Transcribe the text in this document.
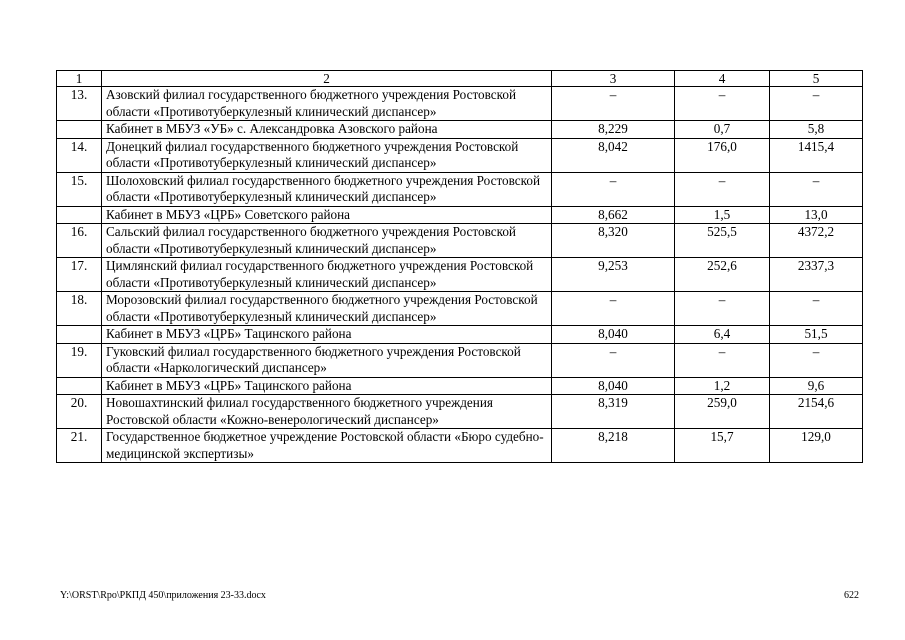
1	2	3	4	5
13.	Азовский филиал государственного бюджетного учреждения Ростовской области «Противотуберкулезный клинический диспансер»	–	–	–
	Кабинет в МБУЗ «УБ» с. Александровка Азовского района	8,229	0,7	5,8
14.	Донецкий филиал государственного бюджетного учреждения Ростовской области «Противотуберкулезный клинический диспансер»	8,042	176,0	1415,4
15.	Шолоховский филиал государственного бюджетного учреждения Ростовской области «Противотуберкулезный клинический диспансер»	–	–	–
	Кабинет в МБУЗ «ЦРБ» Советского района	8,662	1,5	13,0
16.	Сальский филиал государственного бюджетного учреждения Ростовской области «Противотуберкулезный клинический диспансер»	8,320	525,5	4372,2
17.	Цимлянский филиал государственного бюджетного учреждения Ростовской области «Противотуберкулезный клинический диспансер»	9,253	252,6	2337,3
18.	Морозовский филиал государственного бюджетного учреждения Ростовской области «Противотуберкулезный клинический диспансер»	–	–	–
	Кабинет в МБУЗ «ЦРБ» Тацинского района	8,040	6,4	51,5
19.	Гуковский филиал государственного бюджетного учреждения Ростовской области «Наркологический диспансер»	–	–	–
	Кабинет в МБУЗ «ЦРБ» Тацинского района	8,040	1,2	9,6
20.	Новошахтинский филиал государственного бюджетного учреждения Ростовской области «Кожно-венерологический диспансер»	8,319	259,0	2154,6
21.	Государственное бюджетное учреждение Ростовской области «Бюро судебно-медицинской экспертизы»	8,218	15,7	129,0
Y:\ORST\Rpo\РКПД 450\приложения 23-33.docx	622
